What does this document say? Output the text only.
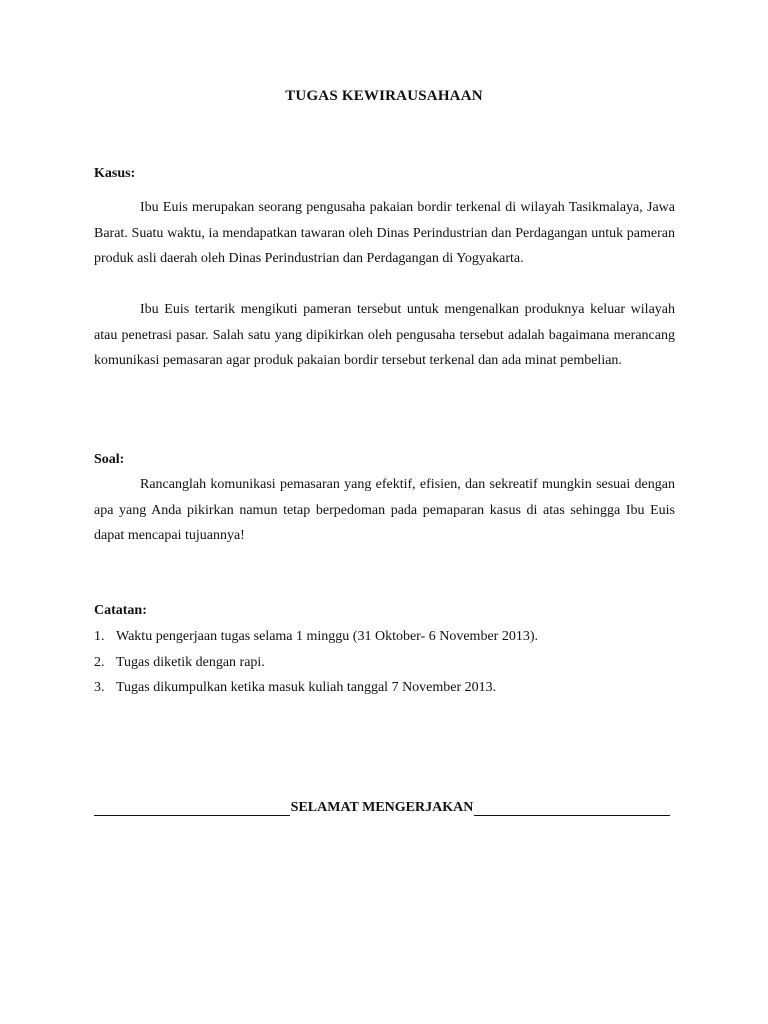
TUGAS KEWIRAUSAHAAN
Kasus:

Ibu Euis merupakan seorang pengusaha pakaian bordir terkenal di wilayah Tasikmalaya, Jawa Barat. Suatu waktu, ia mendapatkan tawaran oleh Dinas Perindustrian dan Perdagangan untuk pameran produk asli daerah oleh Dinas Perindustrian dan Perdagangan di Yogyakarta.

Ibu Euis tertarik mengikuti pameran tersebut untuk mengenalkan produknya keluar wilayah atau penetrasi pasar. Salah satu yang dipikirkan oleh pengusaha tersebut adalah bagaimana merancang komunikasi pemasaran agar produk pakaian bordir tersebut terkenal dan ada minat pembelian.

Soal:

Rancanglah komunikasi pemasaran yang efektif, efisien, dan sekreatif mungkin sesuai dengan apa yang Anda pikirkan namun tetap berpedoman pada pemaparan kasus di atas sehingga Ibu Euis dapat mencapai tujuannya!

Catatan:
1. Waktu pengerjaan tugas selama 1 minggu (31 Oktober- 6 November 2013).
2. Tugas diketik dengan rapi.
3. Tugas dikumpulkan ketika masuk kuliah tanggal 7 November 2013.
SELAMAT MENGERJAKAN
